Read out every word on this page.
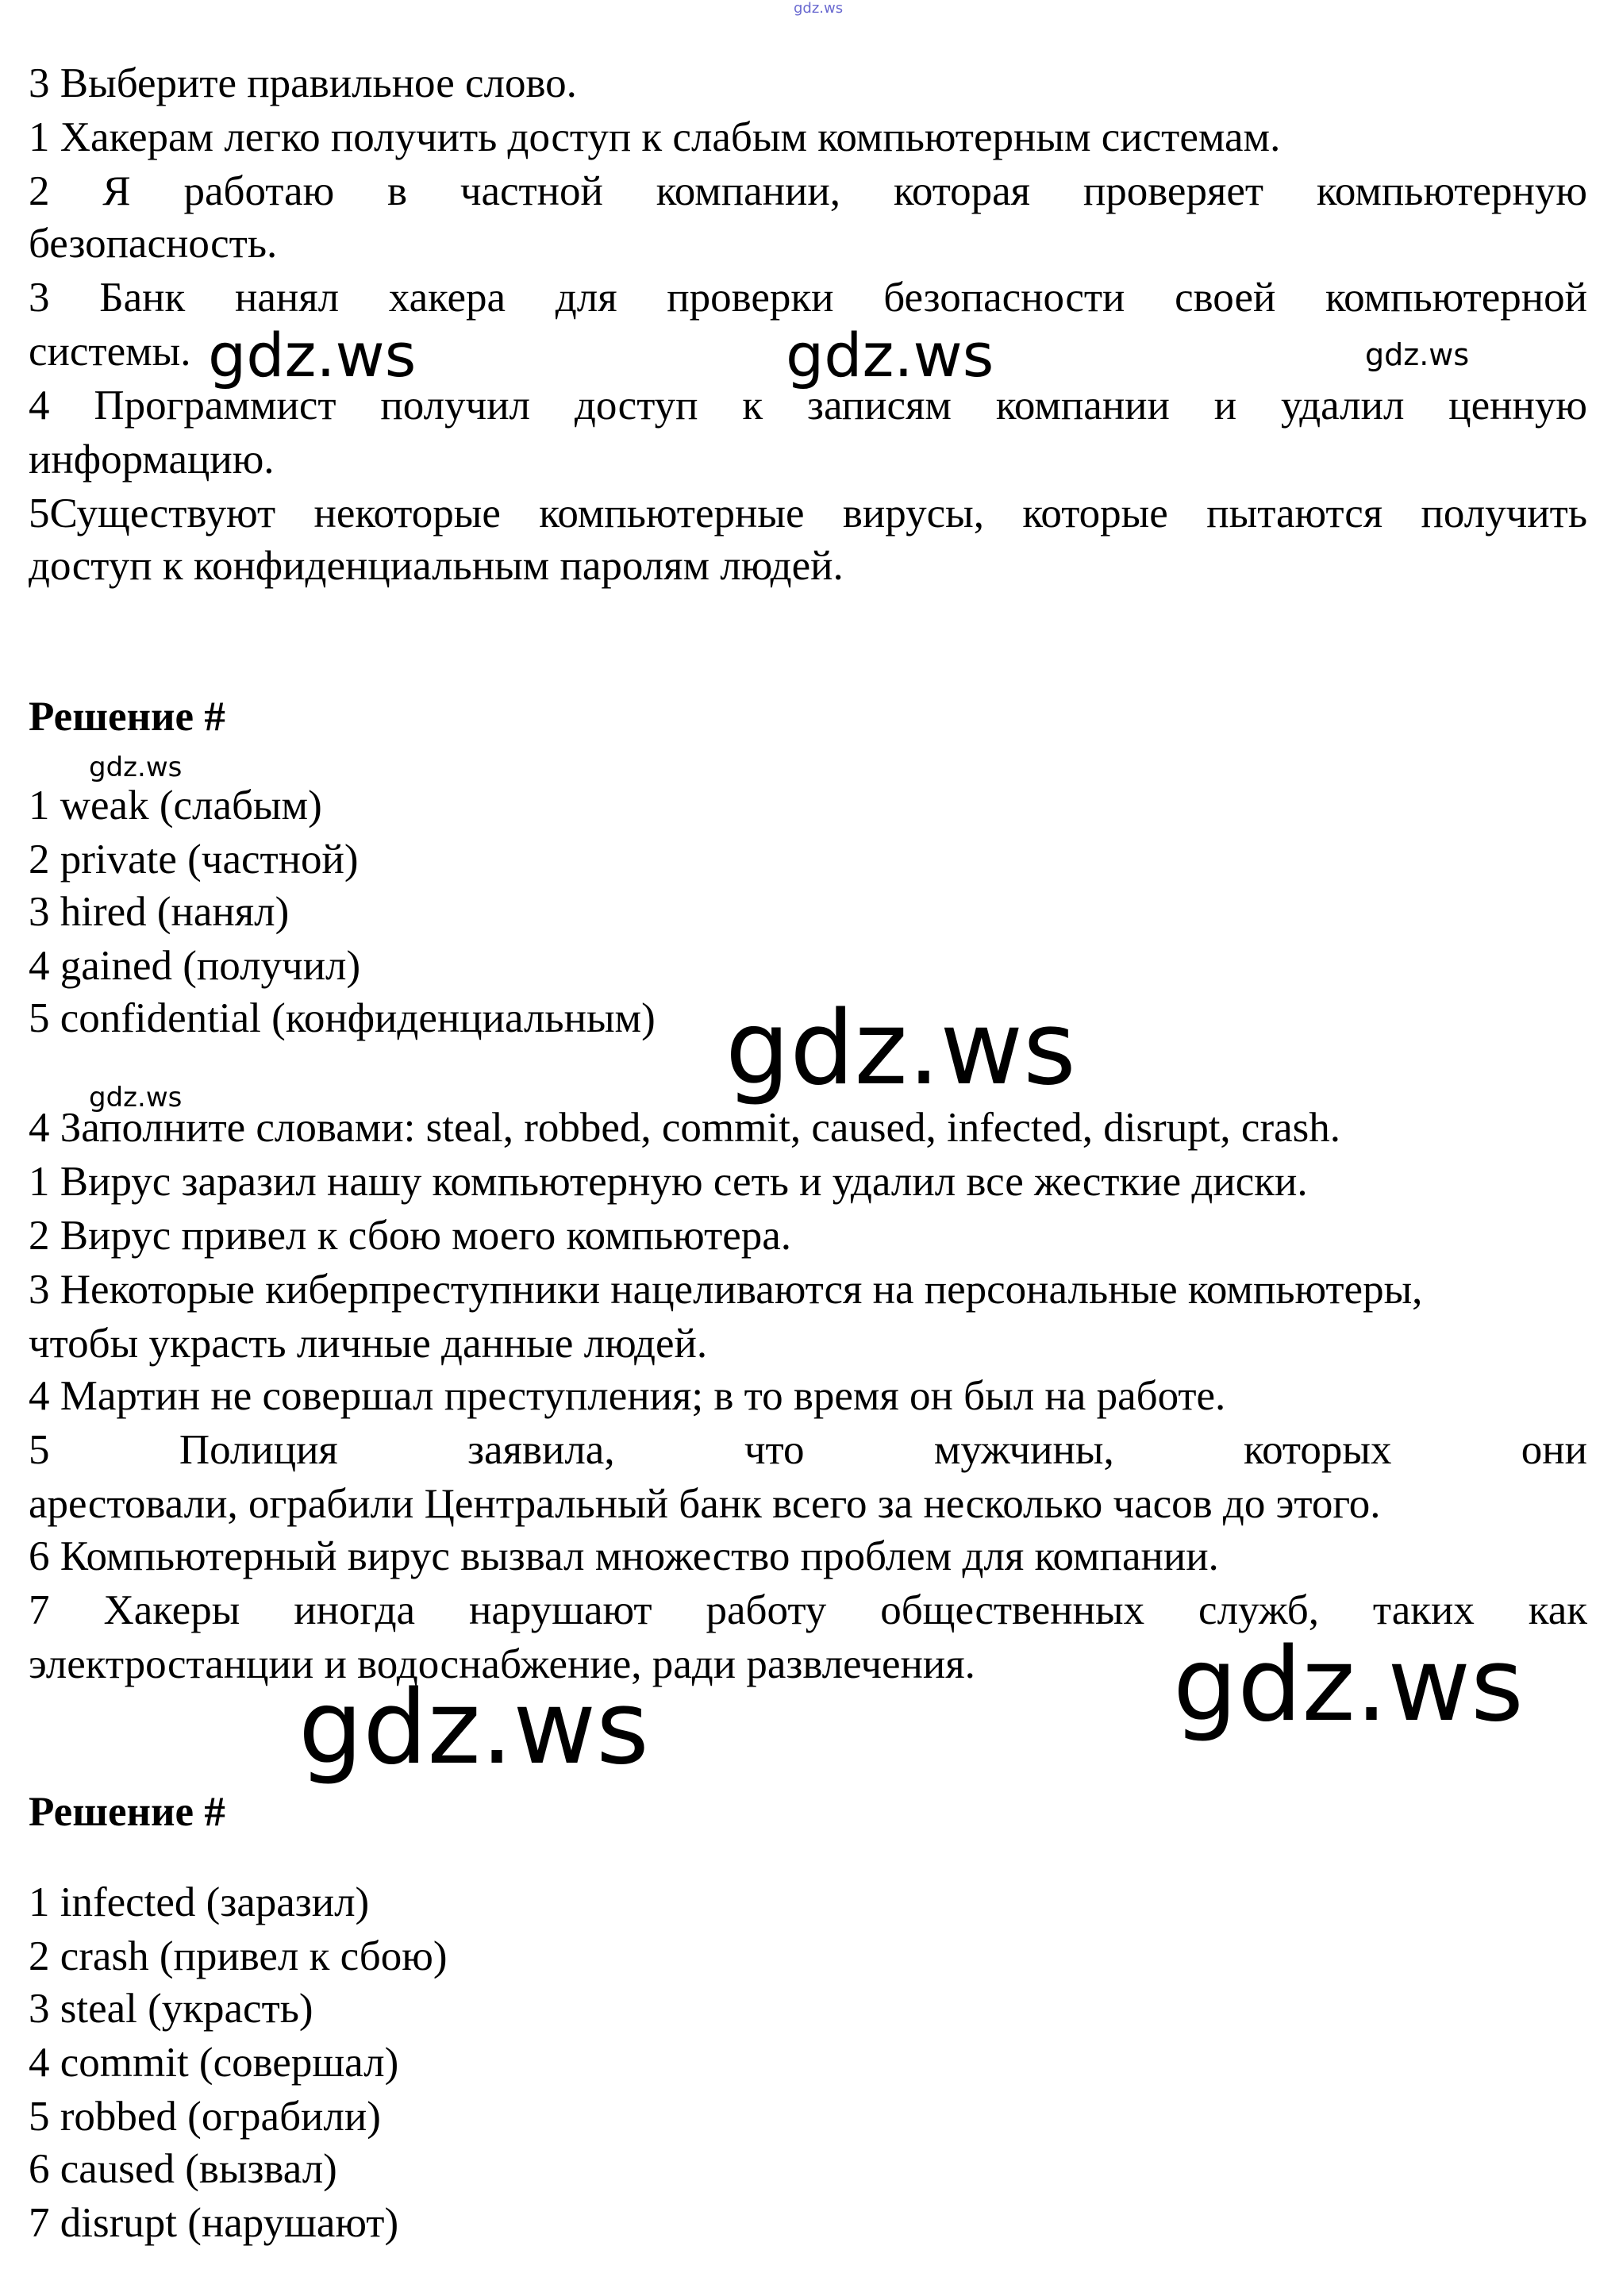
gdz.ws
3 Выберите правильное слово.
1 Хакерам легко получить доступ к слабым компьютерным системам.
2 Я работаю в частной компании, которая проверяет компьютерную
безопасность.
3 Банк нанял хакера для проверки безопасности своей компьютерной
системы.
4 Программист получил доступ к записям компании и удалил ценную
информацию.
5Существуют некоторые компьютерные вирусы, которые пытаются получить
доступ к конфиденциальным паролям людей.
gdz.ws	gdz.ws	gdz.ws
Решение #
gdz.ws
1 weak (слабым)
2 private (частной)
3 hired (нанял)
4 gained (получил)
5 confidential (конфиденциальным) gdz.ws
gdz.ws
4 Заполните словами: steal, robbed, commit, caused, infected, disrupt, crash.
1 Вирус заразил нашу компьютерную сеть и удалил все жесткие диски.
2 Вирус привел к сбою моего компьютера.
3 Некоторые киберпреступники нацеливаются на персональные компьютеры,
чтобы украсть личные данные людей.
4 Мартин не совершал преступления; в то время он был на работе.
5 Полиция заявила, что мужчины, которых они
арестовали, ограбили Центральный банк всего за несколько часов до этого.
6 Компьютерный вирус вызвал множество проблем для компании.
7 Хакеры иногда нарушают работу общественных служб, таких как
электростанции и водоснабжение, ради развлечения.	gdz.ws
gdz.ws
Решение #
1 infected (заразил)
2 crash (привел к сбою)
3 steal (украсть)
4 commit (совершал)
5 robbed (ограбили)
6 caused (вызвал)
7 disrupt (нарушают)
